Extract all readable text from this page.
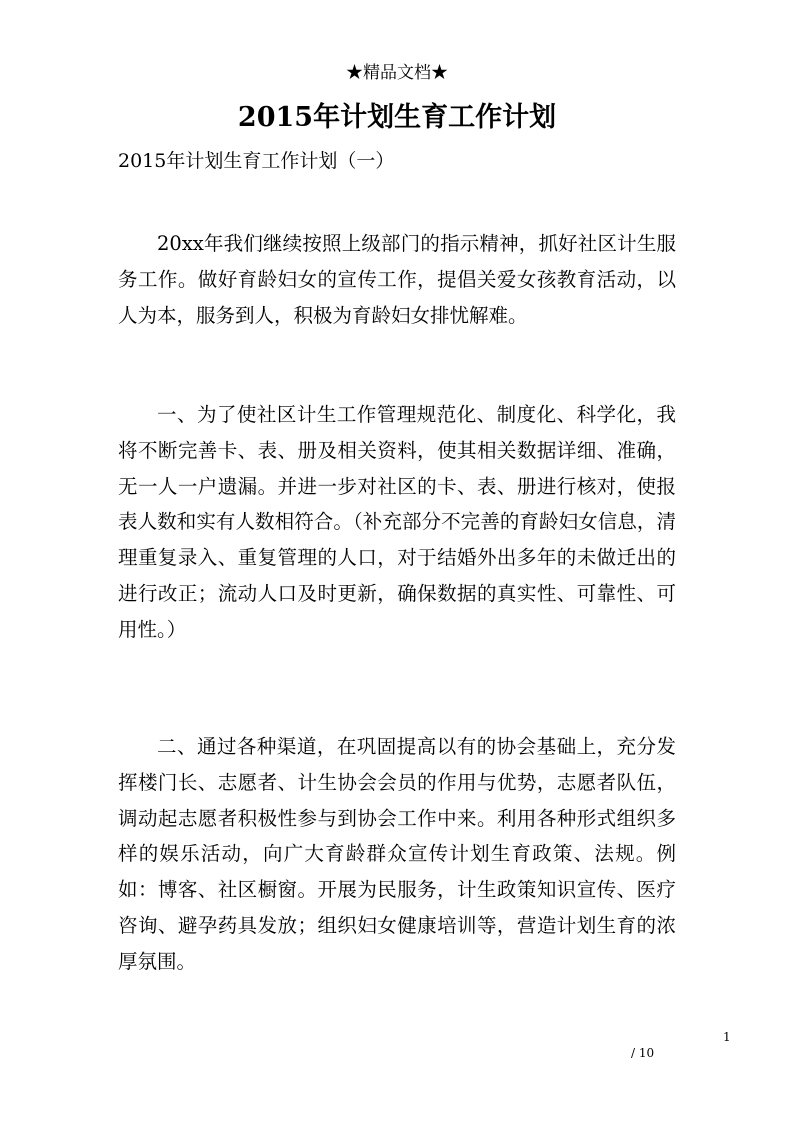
★精品文档★
2015年计划生育工作计划

2015年计划生育工作计划（一）

20xx年我们继续按照上级部门的指示精神，抓好社区计生服务工作。做好育龄妇女的宣传工作，提倡关爱女孩教育活动，以人为本，服务到人，积极为育龄妇女排忧解难。

一、为了使社区计生工作管理规范化、制度化、科学化，我将不断完善卡、表、册及相关资料，使其相关数据详细、准确，无一人一户遗漏。并进一步对社区的卡、表、册进行核对，使报表人数和实有人数相符合。（补充部分不完善的育龄妇女信息，清理重复录入、重复管理的人口，对于结婚外出多年的未做迁出的进行改正；流动人口及时更新，确保数据的真实性、可靠性、可用性。）

二、通过各种渠道，在巩固提高以有的协会基础上，充分发挥楼门长、志愿者、计生协会会员的作用与优势，志愿者队伍，调动起志愿者积极性参与到协会工作中来。利用各种形式组织多样的娱乐活动，向广大育龄群众宣传计划生育政策、法规。例如：博客、社区橱窗。开展为民服务，计生政策知识宣传、医疗咨询、避孕药具发放；组织妇女健康培训等，营造计划生育的浓厚氛围。

1
/ 10
